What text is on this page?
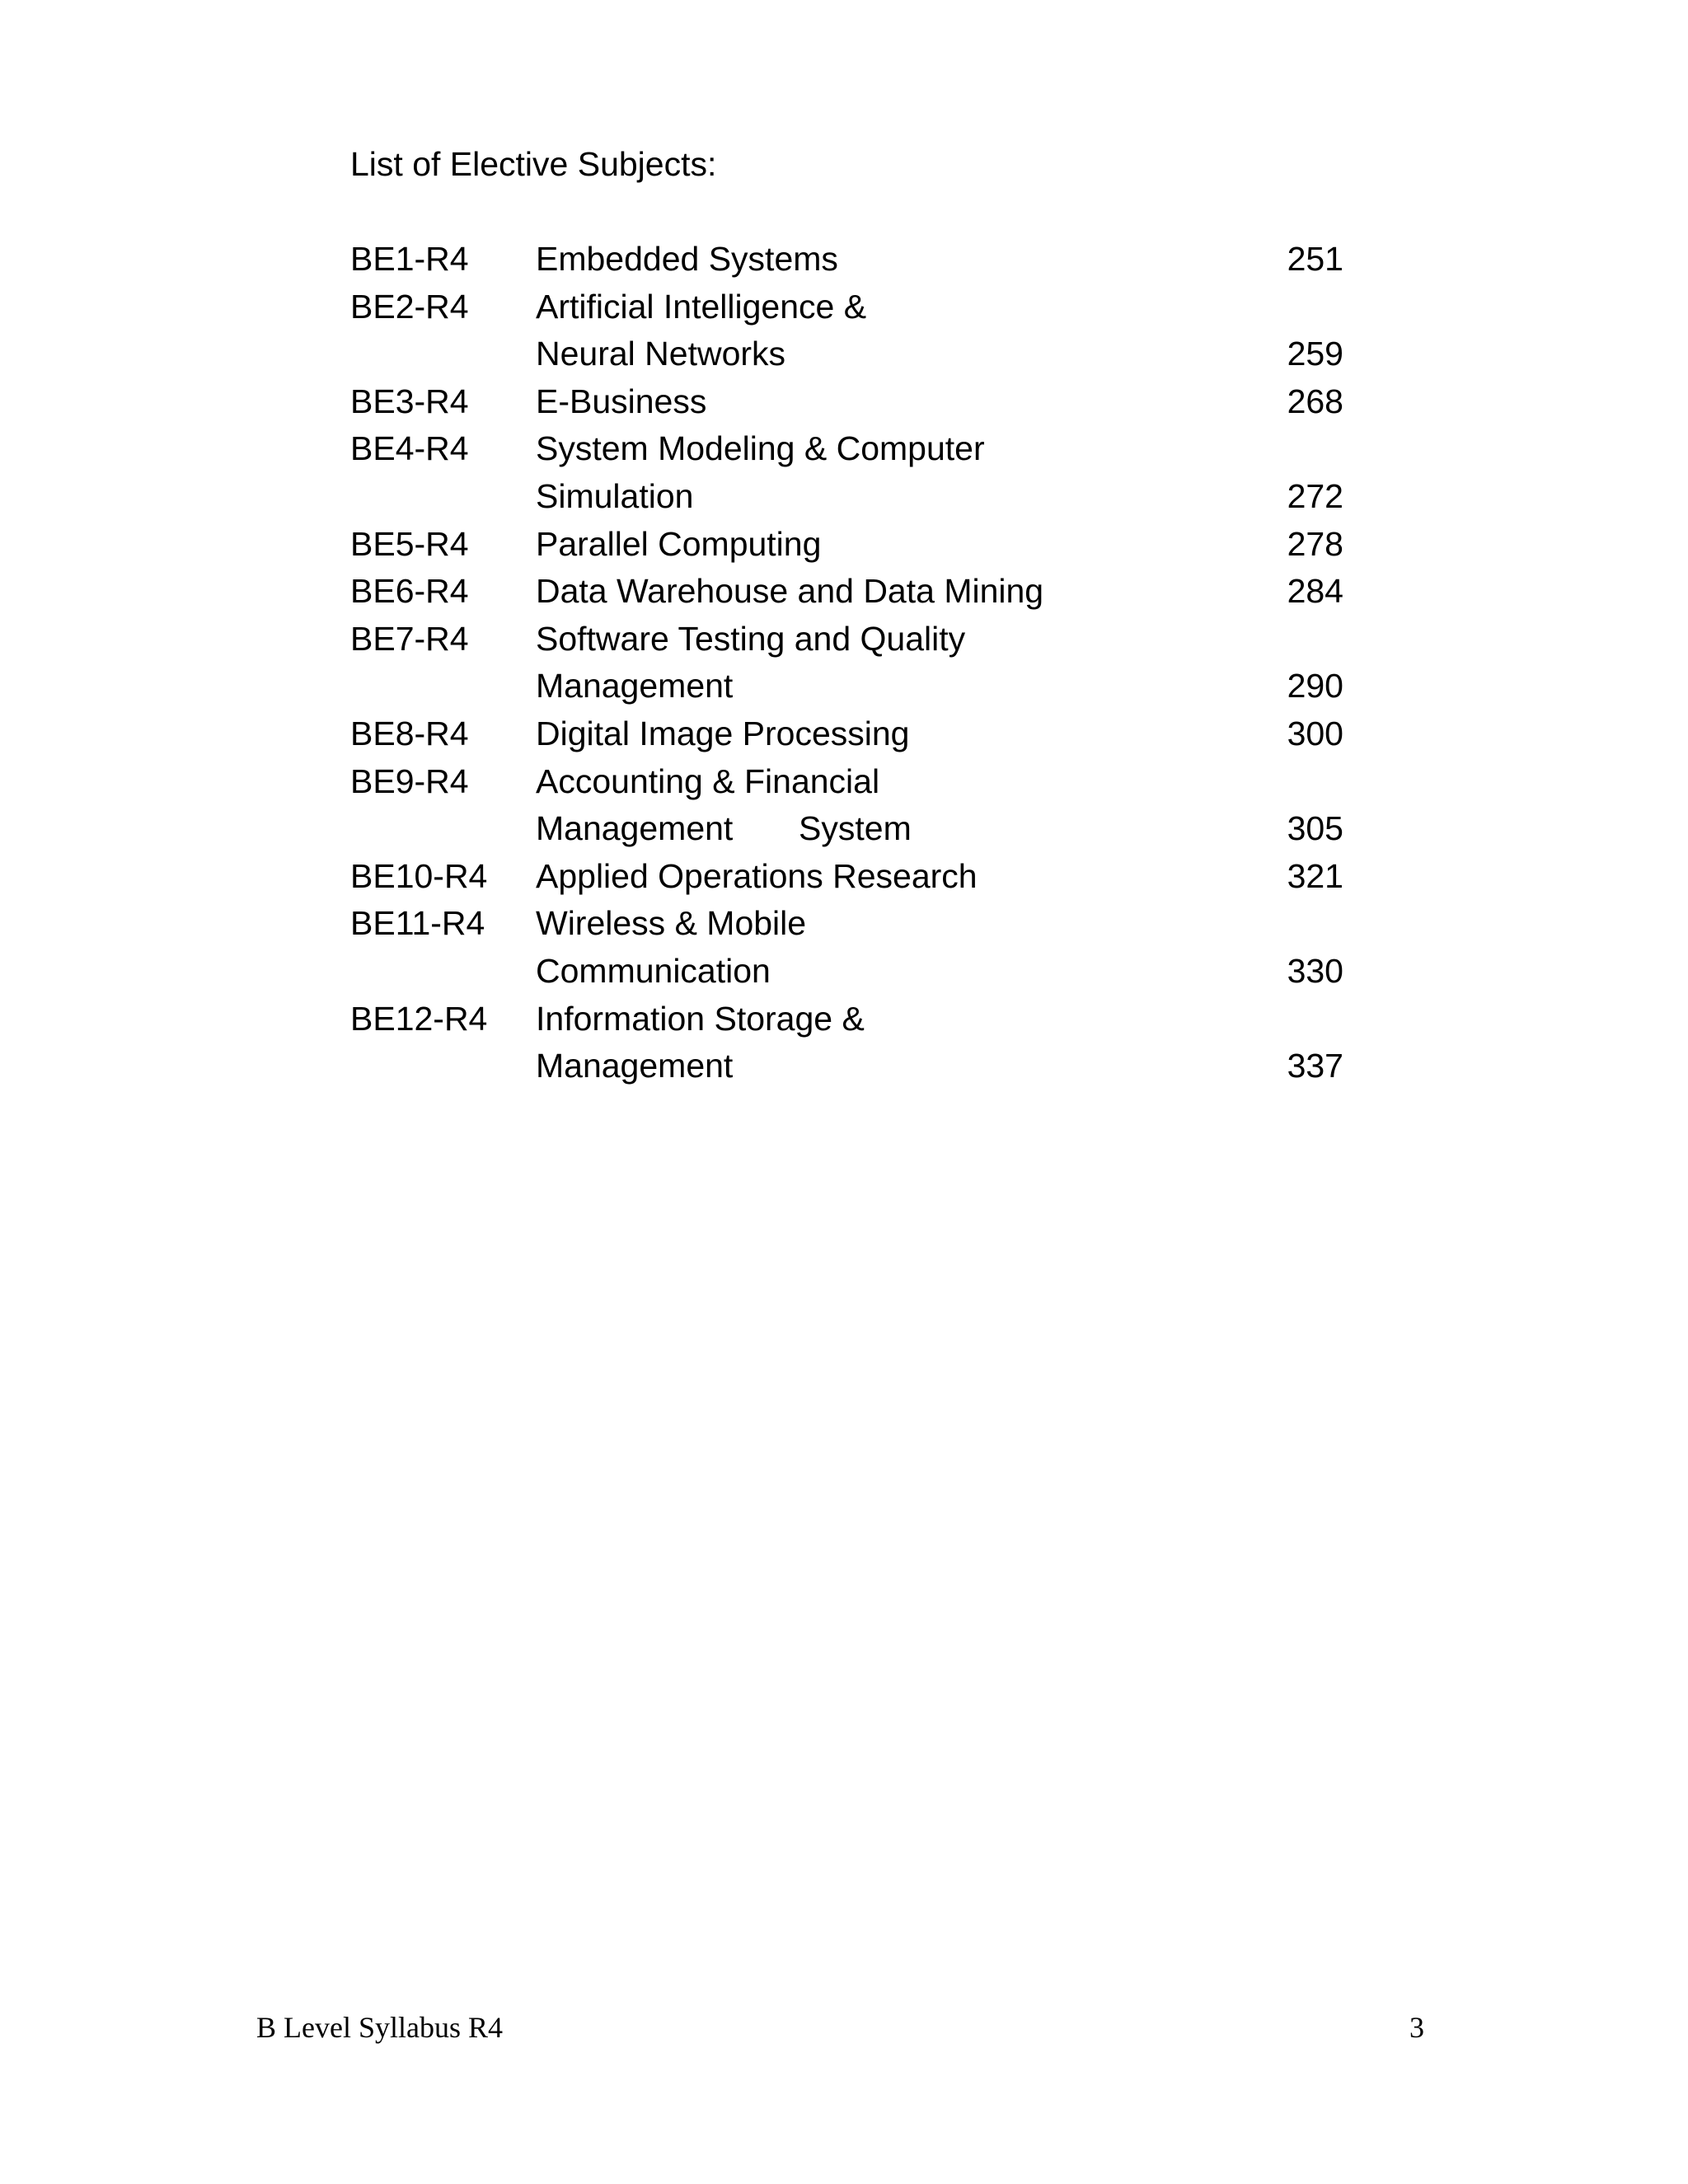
List of Elective Subjects:
BE1-R4 Embedded Systems	251
BE2-R4 Artificial Intelligence &
Neural Networks	259
BE3-R4 E-Business	268
BE4-R4 System Modeling & Computer
Simulation	272
BE5-R4 Parallel Computing	278
BE6-R4 Data Warehouse and Data Mining	284
BE7-R4 Software Testing and Quality
Management	290
BE8-R4 Digital Image Processing	300
BE9-R4 Accounting & Financial
Management       System	305
BE10-R4 Applied Operations Research	321
BE11-R4 Wireless & Mobile
Communication	330
BE12-R4 Information Storage &
Management	337
B Level Syllabus R4	3
